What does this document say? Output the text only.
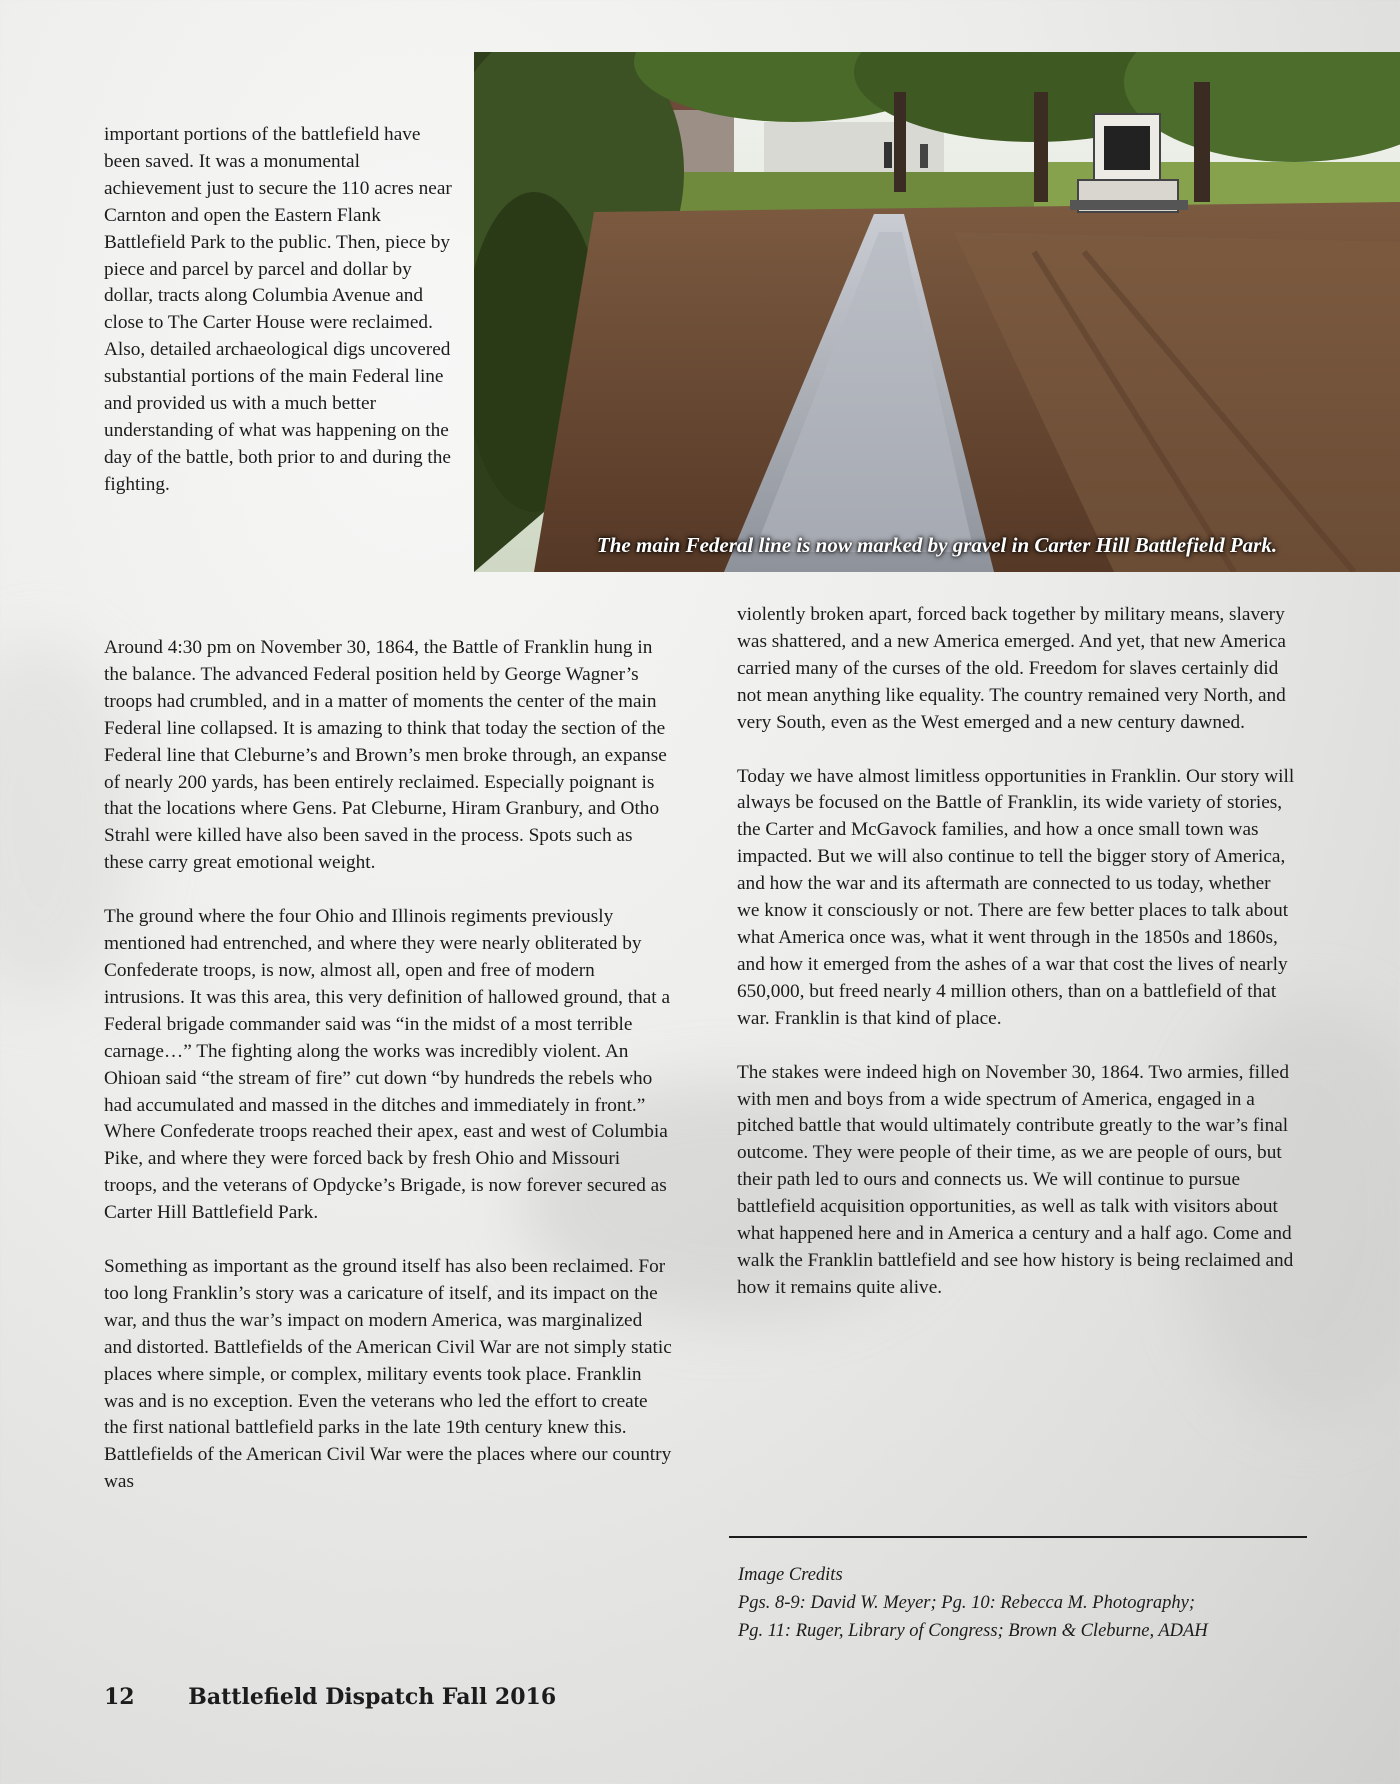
The main Federal line is now marked by gravel in Carter Hill Battlefield Park.

important portions of the battlefield have been saved. It was a monumental achievement just to secure the 110 acres near Carnton and open the Eastern Flank Battlefield Park to the public. Then, piece by piece and parcel by parcel and dollar by dollar, tracts along Columbia Avenue and close to The Carter House were reclaimed. Also, detailed archaeological digs uncovered substantial portions of the main Federal line and provided us with a much better understanding of what was happening on the day of the battle, both prior to and during the fighting.

Around 4:30 pm on November 30, 1864, the Battle of Franklin hung in the balance. The advanced Federal position held by George Wagner’s troops had crumbled, and in a matter of moments the center of the main Federal line collapsed. It is amazing to think that today the section of the Federal line that Cleburne’s and Brown’s men broke through, an expanse of nearly 200 yards, has been entirely reclaimed. Especially poignant is that the locations where Gens. Pat Cleburne, Hiram Granbury, and Otho Strahl were killed have also been saved in the process. Spots such as these carry great emotional weight.

The ground where the four Ohio and Illinois regiments previously mentioned had entrenched, and where they were nearly obliterated by Confederate troops, is now, almost all, open and free of modern intrusions. It was this area, this very definition of hallowed ground, that a Federal brigade commander said was “in the midst of a most terrible carnage…” The fighting along the works was incredibly violent. An Ohioan said “the stream of fire” cut down “by hundreds the rebels who had accumulated and massed in the ditches and immediately in front.” Where Confederate troops reached their apex, east and west of Columbia Pike, and where they were forced back by fresh Ohio and Missouri troops, and the veterans of Opdycke’s Brigade, is now forever secured as Carter Hill Battlefield Park.

Something as important as the ground itself has also been reclaimed. For too long Franklin’s story was a caricature of itself, and its impact on the war, and thus the war’s impact on modern America, was marginalized and distorted. Battlefields of the American Civil War are not simply static places where simple, or complex, military events took place. Franklin was and is no exception. Even the veterans who led the effort to create the first national battlefield parks in the late 19th century knew this. Battlefields of the American Civil War were the places where our country was

violently broken apart, forced back together by military means, slavery was shattered, and a new America emerged. And yet, that new America carried many of the curses of the old. Freedom for slaves certainly did not mean anything like equality. The country remained very North, and very South, even as the West emerged and a new century dawned.

Today we have almost limitless opportunities in Franklin. Our story will always be focused on the Battle of Franklin, its wide variety of stories, the Carter and McGavock families, and how a once small town was impacted. But we will also continue to tell the bigger story of America, and how the war and its aftermath are connected to us today, whether we know it consciously or not. There are few better places to talk about what America once was, what it went through in the 1850s and 1860s, and how it emerged from the ashes of a war that cost the lives of nearly 650,000, but freed nearly 4 million others, than on a battlefield of that war. Franklin is that kind of place.

The stakes were indeed high on November 30, 1864. Two armies, filled with men and boys from a wide spectrum of America, engaged in a pitched battle that would ultimately contribute greatly to the war’s final outcome. They were people of their time, as we are people of ours, but their path led to ours and connects us. We will continue to pursue battlefield acquisition opportunities, as well as talk with visitors about what happened here and in America a century and a half ago. Come and walk the Franklin battlefield and see how history is being reclaimed and how it remains quite alive.

Image Credits
Pgs. 8-9: David W. Meyer; Pg. 10: Rebecca M. Photography;
Pg. 11: Ruger, Library of Congress; Brown & Cleburne, ADAH
12 Battlefield Dispatch Fall 2016
